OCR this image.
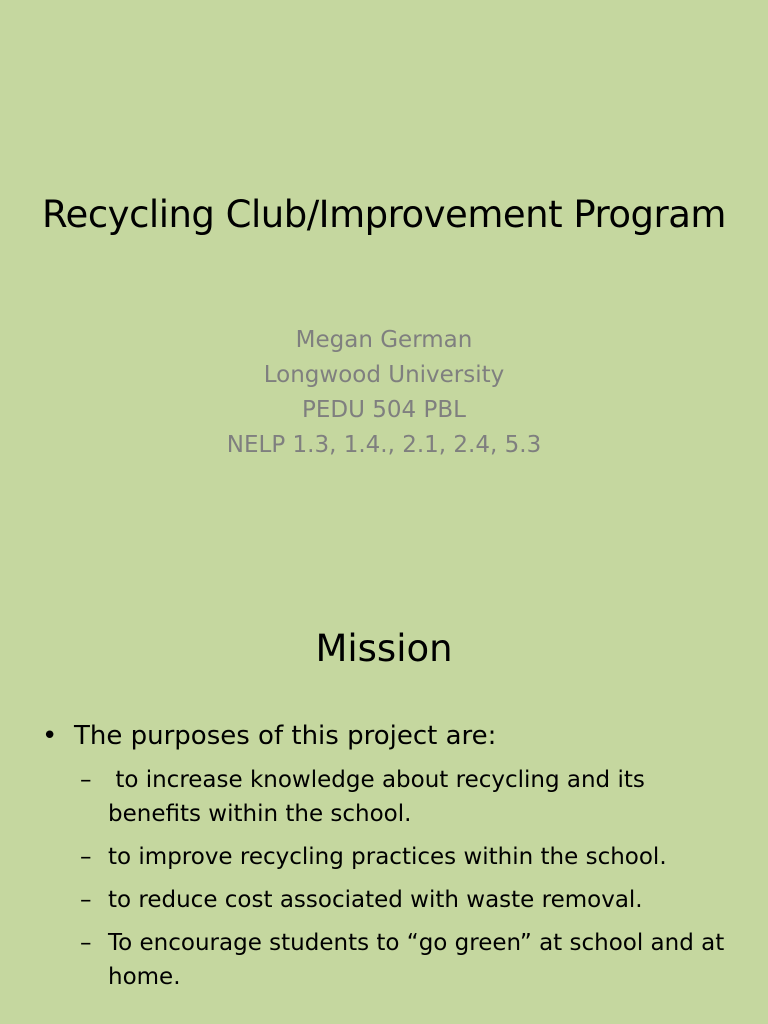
Recycling Club/Improvement Program
Megan German
Longwood University
PEDU 504 PBL
NELP 1.3, 1.4., 2.1, 2.4, 5.3
Mission
• The purposes of this project are:
– to increase knowledge about recycling and its benefits within the school.
– to improve recycling practices within the school.
– to reduce cost associated with waste removal.
– To encourage students to “go green” at school and at home.
